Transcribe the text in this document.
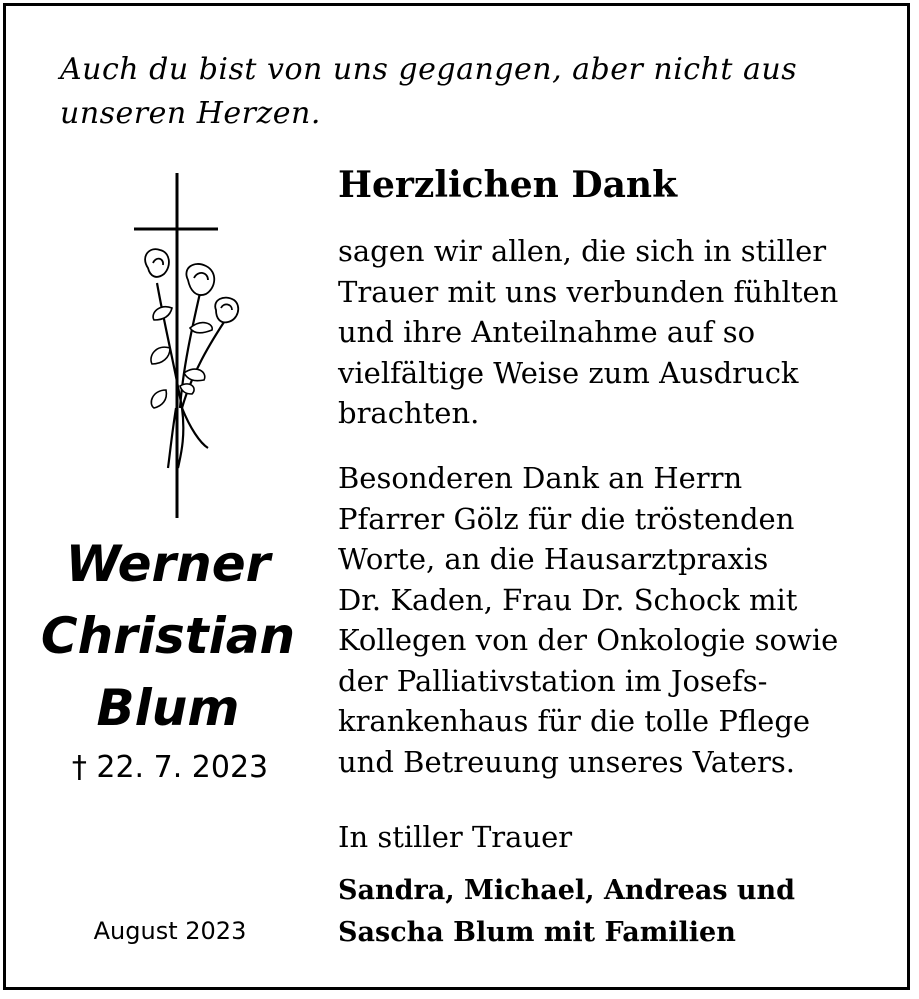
Auch du bist von uns gegangen, aber nicht aus
unseren Herzen.
Werner
Christian
Blum
† 22. 7. 2023
Herzlichen Dank
sagen wir allen, die sich in stiller
Trauer mit uns verbunden fühlten
und ihre Anteilnahme auf so
vielfältige Weise zum Ausdruck
brachten.
Besonderen Dank an Herrn
Pfarrer Gölz für die tröstenden
Worte, an die Hausarztpraxis
Dr. Kaden, Frau Dr. Schock mit
Kollegen von der Onkologie sowie
der Palliativstation im Josefs-
krankenhaus für die tolle Pflege
und Betreuung unseres Vaters.
In stiller Trauer
Sandra, Michael, Andreas und
Sascha Blum mit Familien
August 2023
